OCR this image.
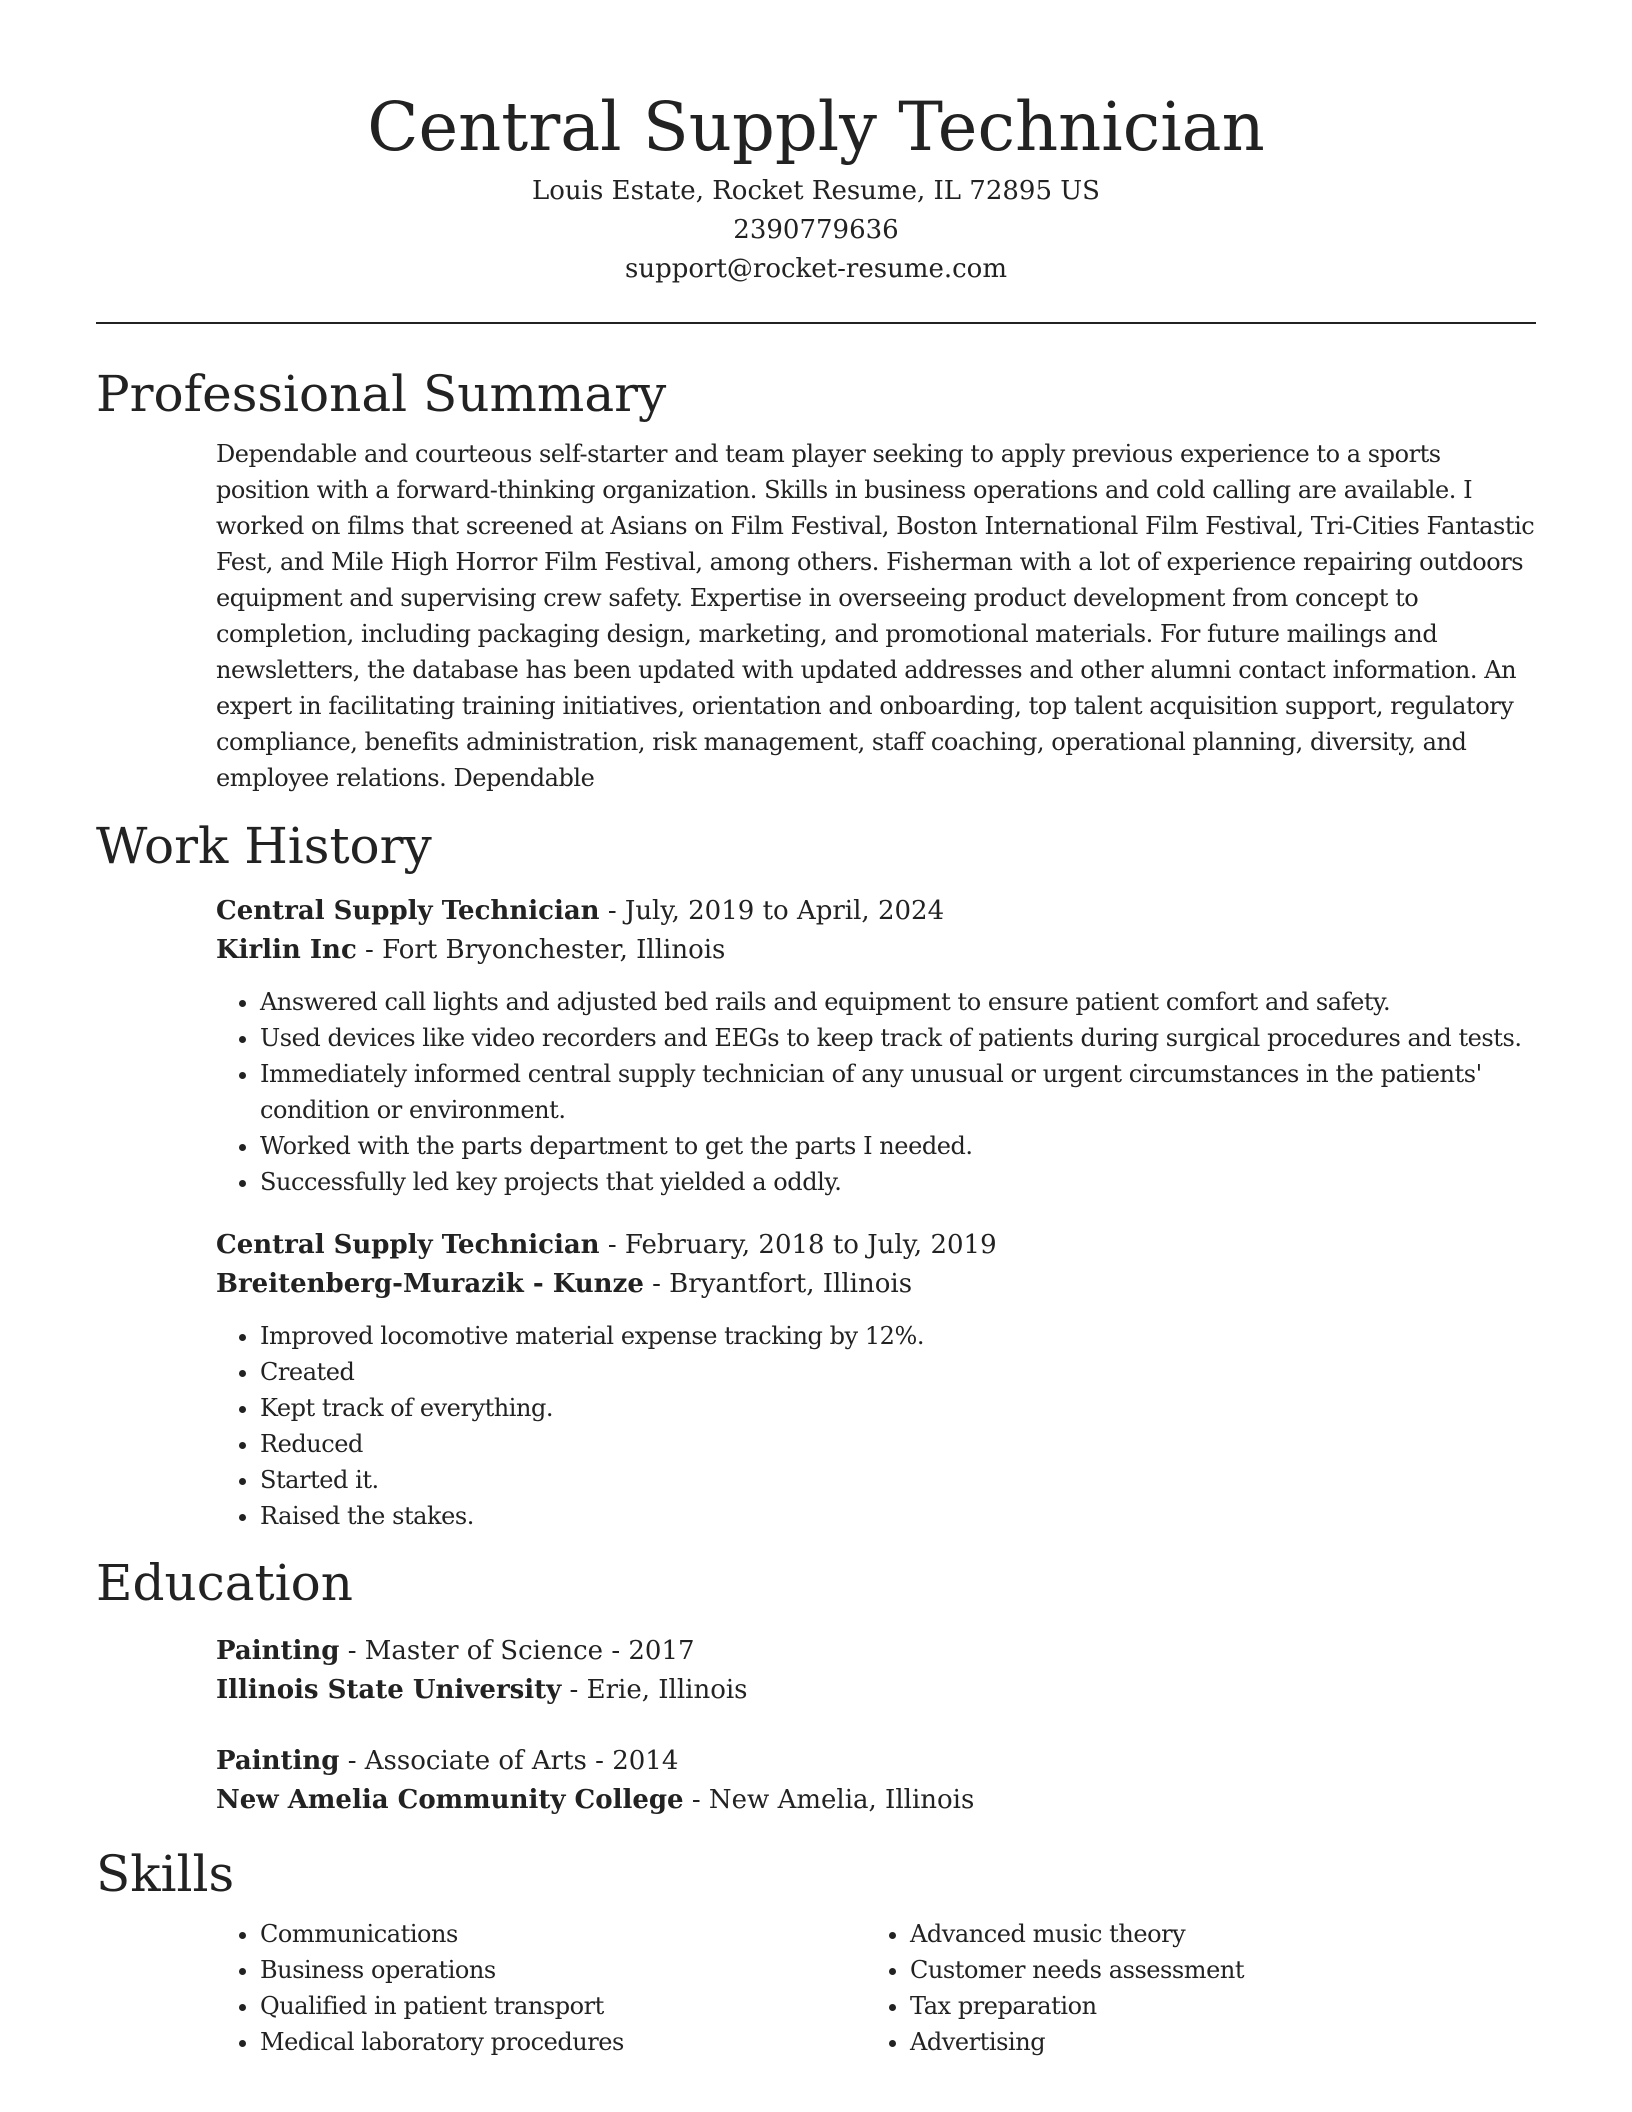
Central Supply Technician
Louis Estate, Rocket Resume, IL 72895 US
2390779636
support@rocket-resume.com
Professional Summary
Dependable and courteous self-starter and team player seeking to apply previous experience to a sports position with a forward-thinking organization. Skills in business operations and cold calling are available. I worked on films that screened at Asians on Film Festival, Boston International Film Festival, Tri-Cities Fantastic Fest, and Mile High Horror Film Festival, among others. Fisherman with a lot of experience repairing outdoors equipment and supervising crew safety. Expertise in overseeing product development from concept to completion, including packaging design, marketing, and promotional materials. For future mailings and newsletters, the database has been updated with updated addresses and other alumni contact information. An expert in facilitating training initiatives, orientation and onboarding, top talent acquisition support, regulatory compliance, benefits administration, risk management, staff coaching, operational planning, diversity, and employee relations. Dependable
Work History
Central Supply Technician - July, 2019 to April, 2024
Kirlin Inc - Fort Bryonchester, Illinois
• Answered call lights and adjusted bed rails and equipment to ensure patient comfort and safety.
• Used devices like video recorders and EEGs to keep track of patients during surgical procedures and tests.
• Immediately informed central supply technician of any unusual or urgent circumstances in the patients' condition or environment.
• Worked with the parts department to get the parts I needed.
• Successfully led key projects that yielded a oddly.
Central Supply Technician - February, 2018 to July, 2019
Breitenberg-Murazik - Kunze - Bryantfort, Illinois
• Improved locomotive material expense tracking by 12%.
• Created
• Kept track of everything.
• Reduced
• Started it.
• Raised the stakes.
Education
Painting - Master of Science - 2017
Illinois State University - Erie, Illinois
Painting - Associate of Arts - 2014
New Amelia Community College - New Amelia, Illinois
Skills
• Communications
• Business operations
• Qualified in patient transport
• Medical laboratory procedures
• Advanced music theory
• Customer needs assessment
• Tax preparation
• Advertising
